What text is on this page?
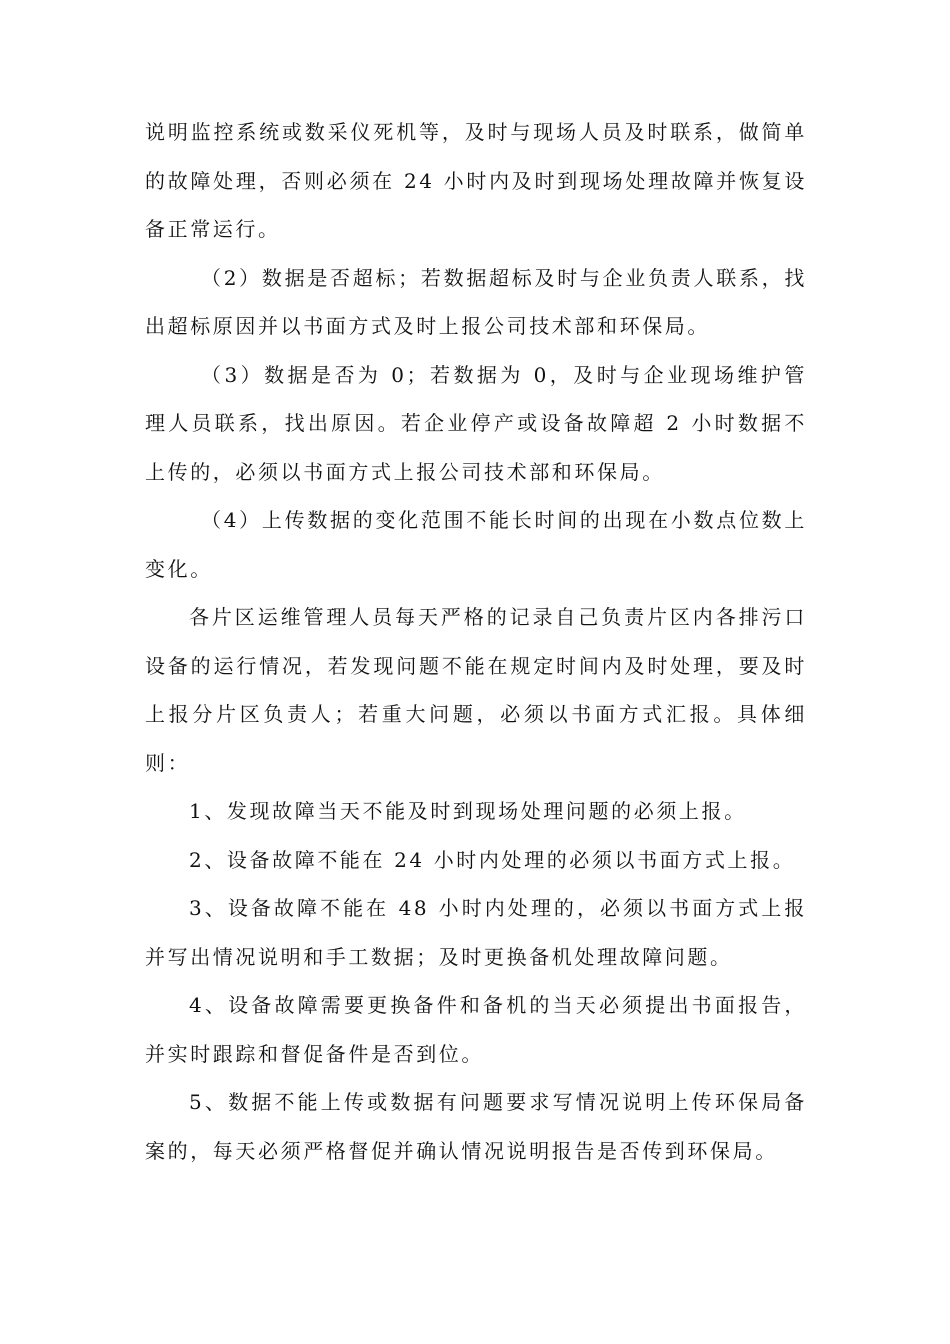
说明监控系统或数采仪死机等，及时与现场人员及时联系，做简单的故障处理，否则必须在 24 小时内及时到现场处理故障并恢复设备正常运行。

（2）数据是否超标；若数据超标及时与企业负责人联系，找出超标原因并以书面方式及时上报公司技术部和环保局。

（3）数据是否为 0；若数据为 0，及时与企业现场维护管理人员联系，找出原因。若企业停产或设备故障超 2 小时数据不上传的，必须以书面方式上报公司技术部和环保局。

（4）上传数据的变化范围不能长时间的出现在小数点位数上变化。

各片区运维管理人员每天严格的记录自己负责片区内各排污口设备的运行情况，若发现问题不能在规定时间内及时处理，要及时上报分片区负责人；若重大问题，必须以书面方式汇报。具体细则：

1、发现故障当天不能及时到现场处理问题的必须上报。

2、设备故障不能在 24 小时内处理的必须以书面方式上报。

3、设备故障不能在 48 小时内处理的，必须以书面方式上报并写出情况说明和手工数据；及时更换备机处理故障问题。

4、设备故障需要更换备件和备机的当天必须提出书面报告，并实时跟踪和督促备件是否到位。

5、数据不能上传或数据有问题要求写情况说明上传环保局备案的，每天必须严格督促并确认情况说明报告是否传到环保局。
